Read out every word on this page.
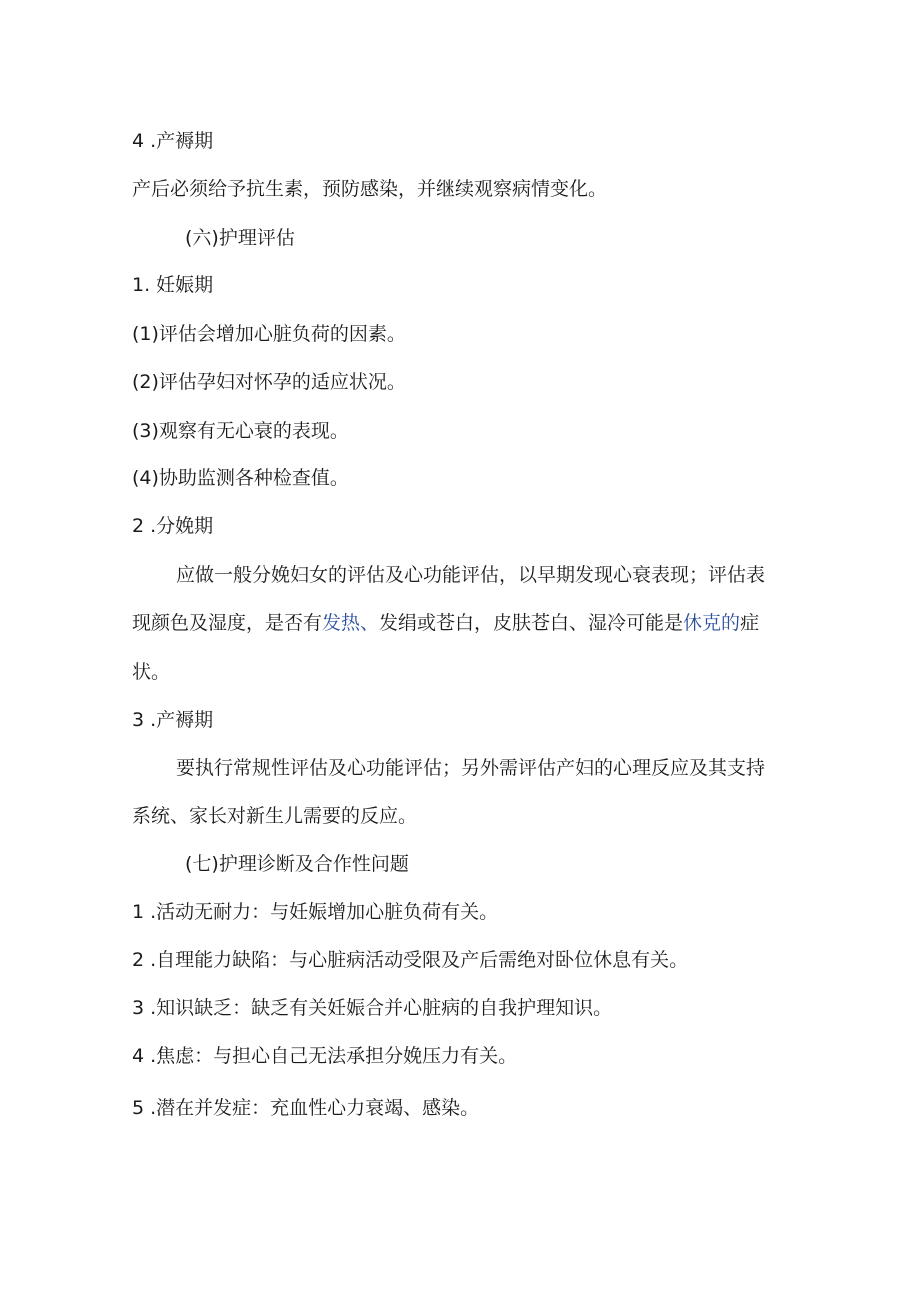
4 .产褥期
产后必须给予抗生素，预防感染，并继续观察病情变化。
(六)护理评估
1. 妊娠期
(1)评估会增加心脏负荷的因素。
(2)评估孕妇对怀孕的适应状况。
(3)观察有无心衰的表现。
(4)协助监测各种检查值。
2 .分娩期
应做一般分娩妇女的评估及心功能评估，以早期发现心衰表现；评估表
现颜色及湿度，是否有发热、发绢或苍白，皮肤苍白、湿冷可能是休克的症
状。
3 .产褥期
要执行常规性评估及心功能评估；另外需评估产妇的心理反应及其支持
系统、家长对新生儿需要的反应。
(七)护理诊断及合作性问题
1 .活动无耐力：与妊娠增加心脏负荷有关。
2 .自理能力缺陷：与心脏病活动受限及产后需绝对卧位休息有关。
3 .知识缺乏：缺乏有关妊娠合并心脏病的自我护理知识。
4 .焦虑：与担心自己无法承担分娩压力有关。
5 .潜在并发症：充血性心力衰竭、感染。
